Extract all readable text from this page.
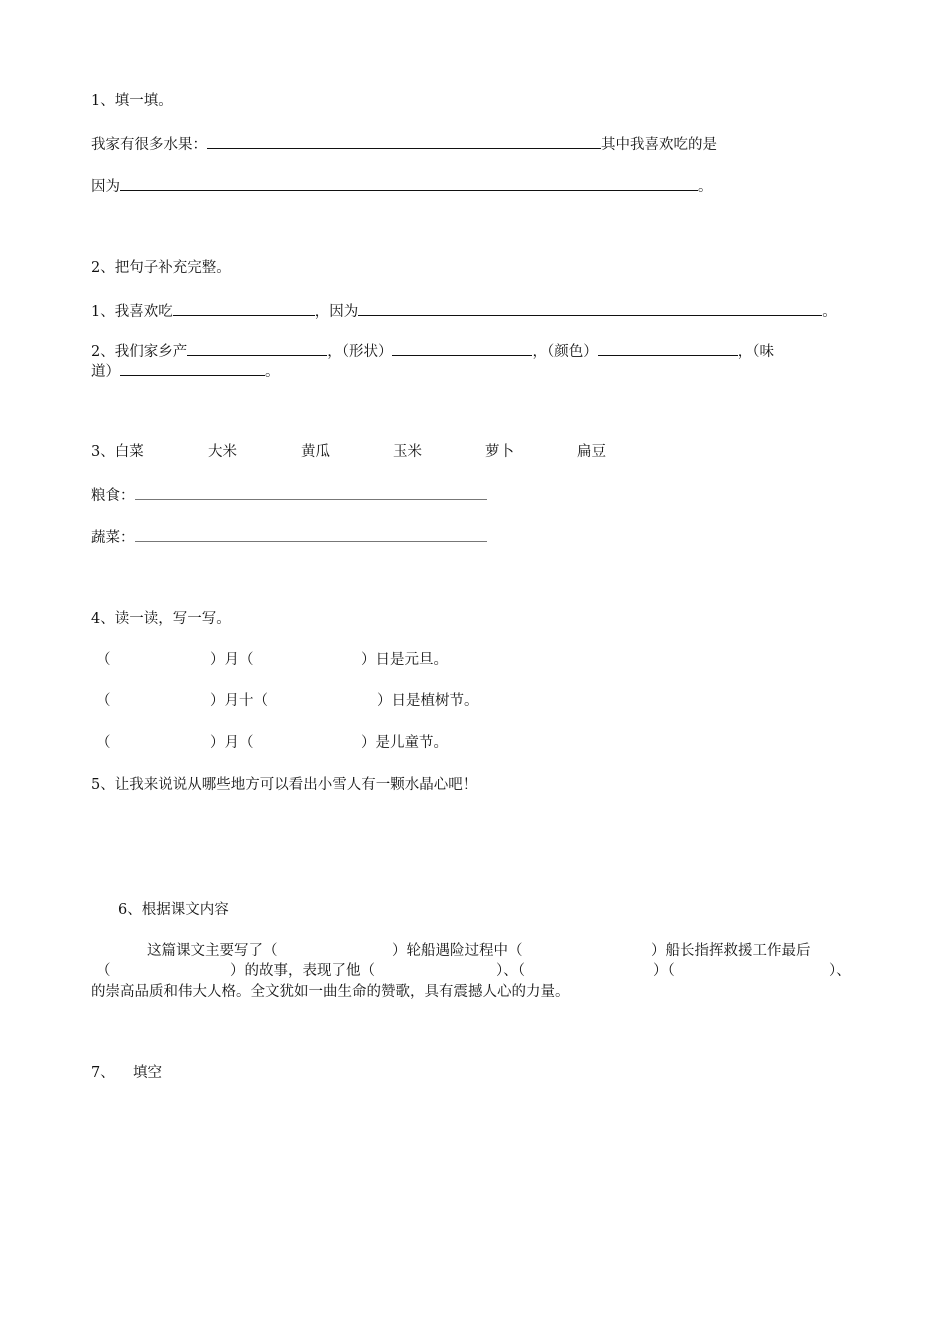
1、填一填。
我家有很多水果：	其中我喜欢吃的是
因为	。
2、把句子补充完整。
1、我喜欢吃	，因为	。
2、我们家乡产	，（形状）	，（颜色）	，（味
道）	。
3、白菜	大米	黄瓜	玉米	萝卜	扁豆
粮食：
蔬菜：
4、读一读，写一写。
（	）月（	）日是元旦。
（	）月十（	）日是植树节。
（	）月（	）是儿童节。
5、让我来说说从哪些地方可以看出小雪人有一颗水晶心吧！
6、根据课文内容
这篇课文主要写了（	）轮船遇险过程中（	）船长指挥救援工作最后
（	）的故事，表现了他（	）、（	）（	）、
的崇高品质和伟大人格。全文犹如一曲生命的赞歌，具有震撼人心的力量。
7、 填空
